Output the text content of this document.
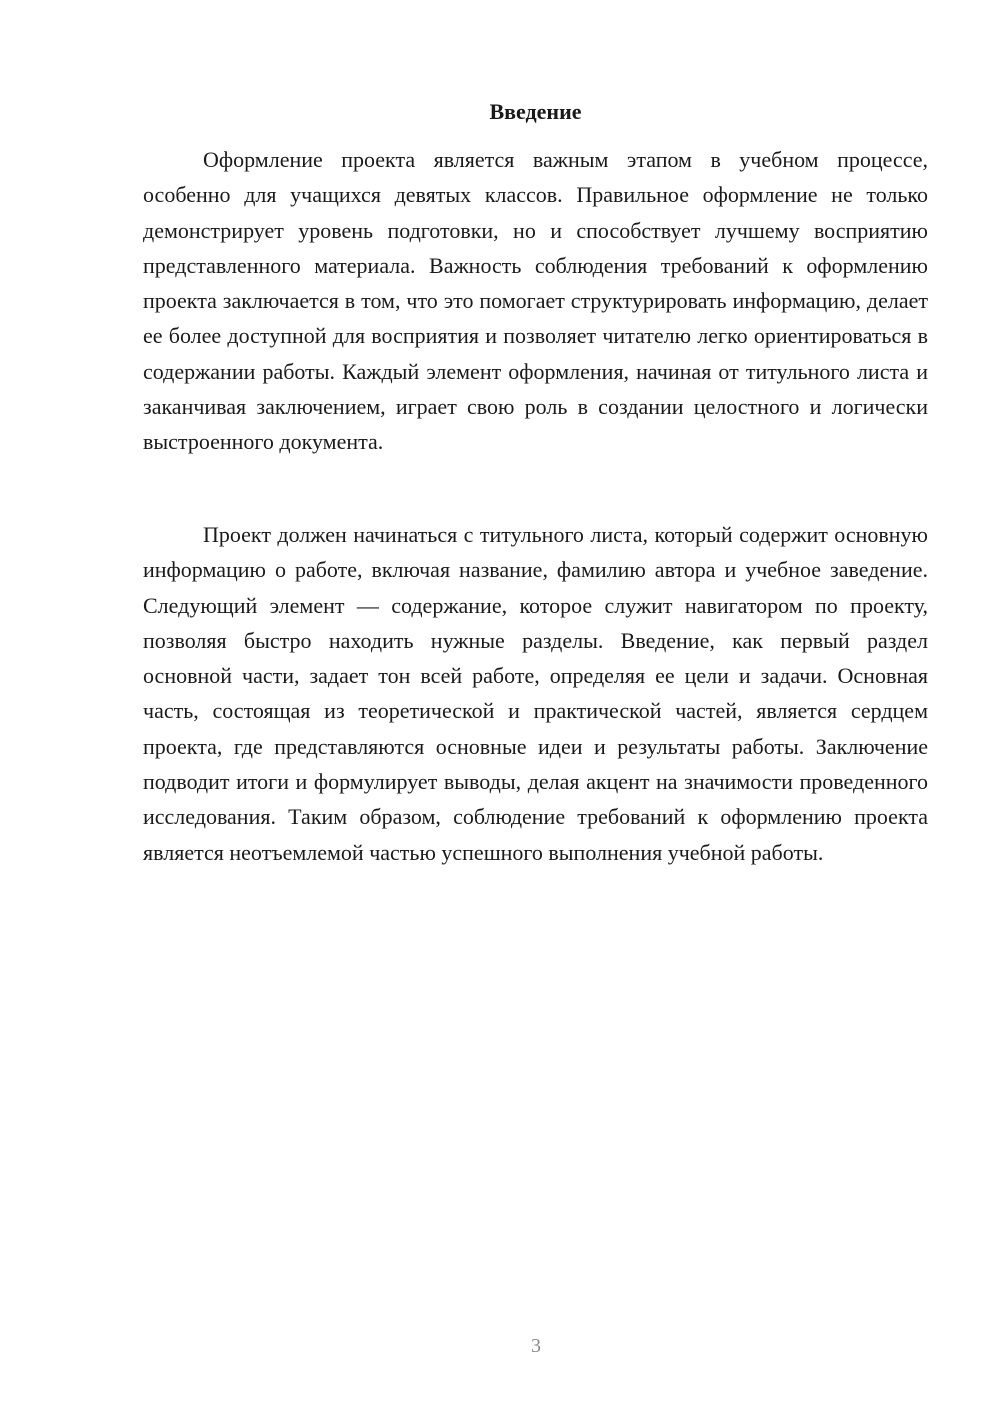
Введение

Оформление проекта является важным этапом в учебном процессе, особенно для учащихся девятых классов. Правильное оформление не только демонстрирует уровень подготовки, но и способствует лучшему восприятию представленного материала. Важность соблюдения требований к оформлению проекта заключается в том, что это помогает структурировать информацию, делает ее более доступной для восприятия и позволяет читателю легко ориентироваться в содержании работы. Каждый элемент оформления, начиная от титульного листа и заканчивая заключением, играет свою роль в создании целостного и логически выстроенного документа.

Проект должен начинаться с титульного листа, который содержит основную информацию о работе, включая название, фамилию автора и учебное заведение. Следующий элемент — содержание, которое служит навигатором по проекту, позволяя быстро находить нужные разделы. Введение, как первый раздел основной части, задает тон всей работе, определяя ее цели и задачи. Основная часть, состоящая из теоретической и практической частей, является сердцем проекта, где представляются основные идеи и результаты работы. Заключение подводит итоги и формулирует выводы, делая акцент на значимости проведенного исследования. Таким образом, соблюдение требований к оформлению проекта является неотъемлемой частью успешного выполнения учебной работы.

3
